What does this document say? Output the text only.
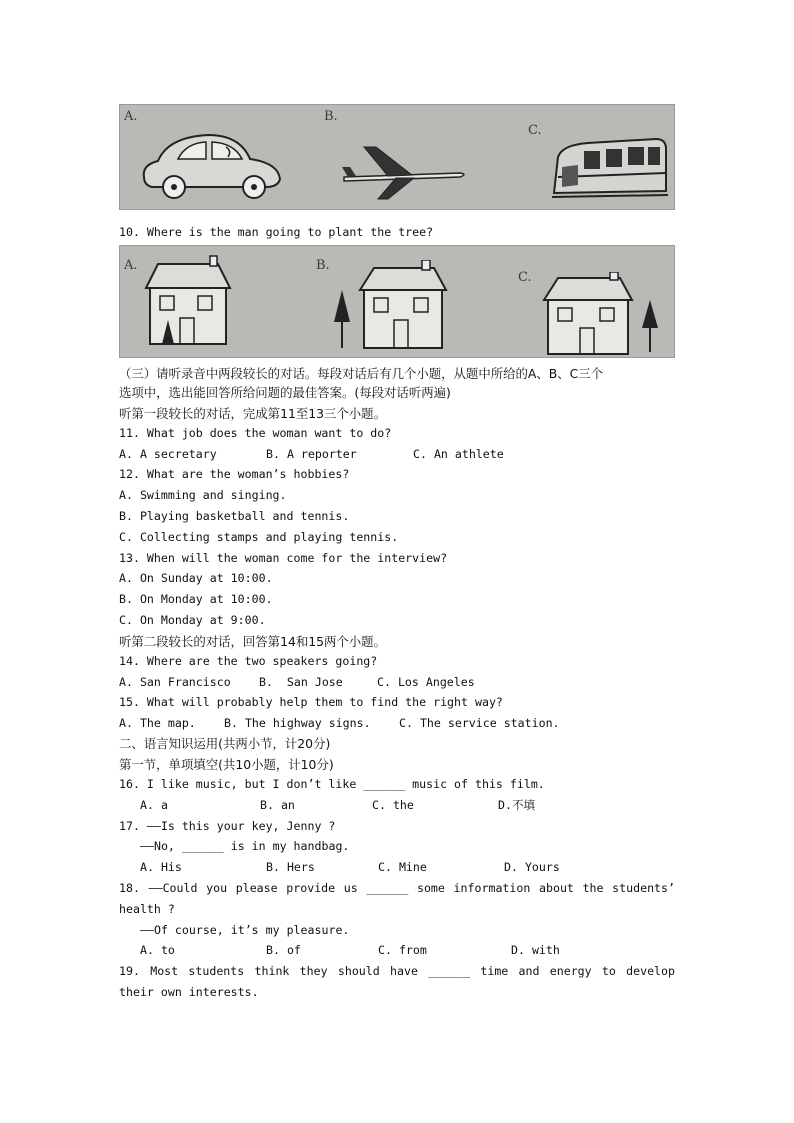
A.	B.
C.
10. Where is the man going to plant the tree?
A.	B.
C.
（三）请听录音中两段较长的对话。每段对话后有几个小题，从题中所给的A、B、C三个
选项中，选出能回答所给问题的最佳答案。(每段对话听两遍)
听第一段较长的对话，完成第11至13三个小题。
11. What job does the woman want to do?
A. A secretary	B. A reporter	C. An athlete
12. What are the woman’s hobbies?
A. Swimming and singing.
B. Playing basketball and tennis.
C. Collecting stamps and playing tennis.
13. When will the woman come for the interview?
A. On Sunday at 10:00.
B. On Monday at 10:00.
C. On Monday at 9:00.
听第二段较长的对话，回答第14和15两个小题。
14. Where are the two speakers going?
A. San Francisco	B.  San Jose	C. Los Angeles
15. What will probably help them to find the right way?
A. The map.	B. The highway signs.	C. The service station.
二、语言知识运用(共两小节，计20分)
第一节，单项填空(共10小题，计10分)
16. I like music, but I don’t like ______ music of this film.
A. a	B. an	C. the	D.不填
17. ——Is this your key, Jenny ?
——No, ______ is in my handbag.
A. His	B. Hers	C. Mine	D. Yours
18. ——Could you please provide us ______ some information about the students’
health ?
——Of course, it’s my pleasure.
A. to	B. of	C. from	D. with
19. Most students think they should have ______ time and energy to develop
their own interests.
